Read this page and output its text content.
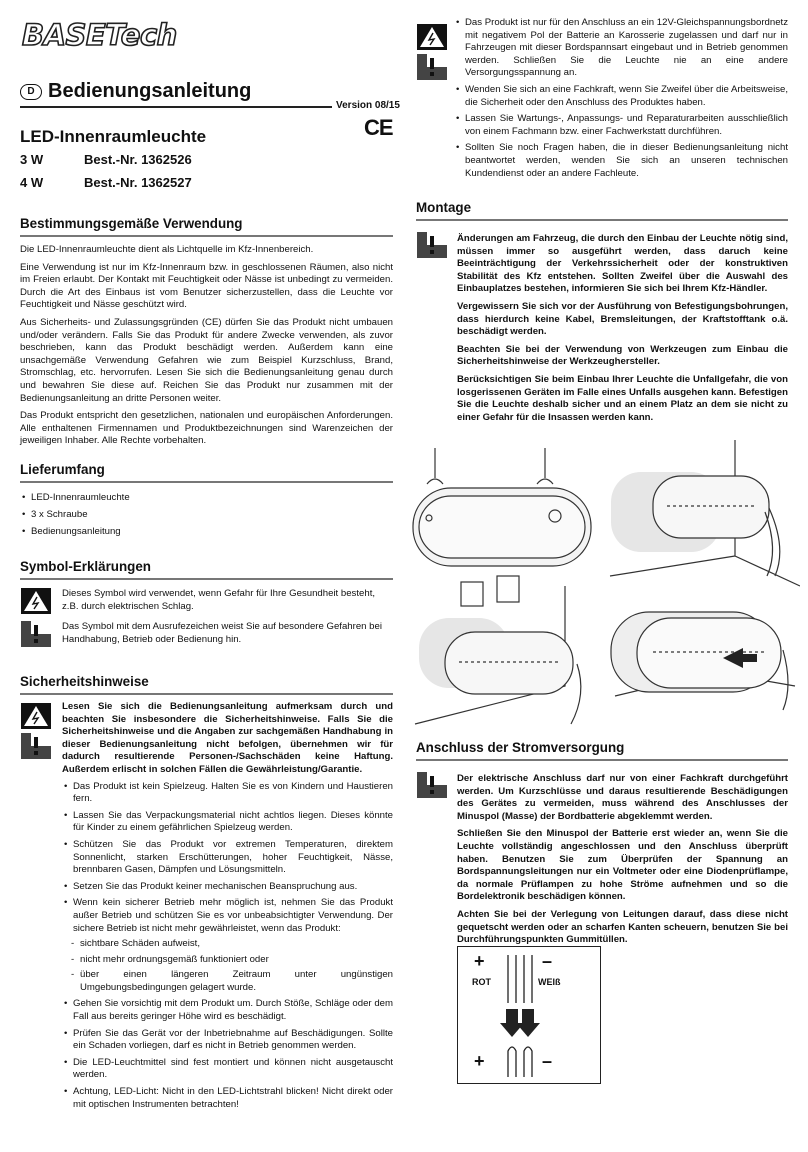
BASETech
D Bedienungsanleitung
Version 08/15
CE
LED-Innenraumleuchte
3 W	Best.-Nr. 1362526
4 W	Best.-Nr. 1362527
Bestimmungsgemäße Verwendung

Die LED-Innenraumleuchte dient als Lichtquelle im Kfz-Innenbereich.

Eine Verwendung ist nur im Kfz-Innenraum bzw. in geschlossenen Räumen, also nicht im Freien erlaubt. Der Kontakt mit Feuchtigkeit oder Nässe ist unbedingt zu vermeiden. Durch die Art des Einbaus ist vom Benutzer sicherzustellen, dass die Leuchte vor Feuchtigkeit und Nässe geschützt wird.

Aus Sicherheits- und Zulassungsgründen (CE) dürfen Sie das Produkt nicht umbauen und/oder verändern. Falls Sie das Produkt für andere Zwecke verwenden, als zuvor beschrieben, kann das Produkt beschädigt werden. Außerdem kann eine unsachgemäße Verwendung Gefahren wie zum Beispiel Kurzschluss, Brand, Stromschlag, etc. hervorrufen. Lesen Sie sich die Bedienungsanleitung genau durch und bewahren Sie diese auf. Reichen Sie das Produkt nur zusammen mit der Bedienungsanleitung an dritte Personen weiter.

Das Produkt entspricht den gesetzlichen, nationalen und europäischen Anforderungen. Alle enthaltenen Firmennamen und Produktbezeichnungen sind Warenzeichen der jeweiligen Inhaber. Alle Rechte vorbehalten.

Lieferumfang
• LED-Innenraumleuchte
• 3 x Schraube
• Bedienungsanleitung
Symbol-Erklärungen
Dieses Symbol wird verwendet, wenn Gefahr für Ihre Gesundheit besteht, z.B. durch elektrischen Schlag.
Das Symbol mit dem Ausrufezeichen weist Sie auf besondere Gefahren bei Handhabung, Betrieb oder Bedienung hin.
Sicherheitshinweise

Lesen Sie sich die Bedienungsanleitung aufmerksam durch und beachten Sie insbesondere die Sicherheitshinweise. Falls Sie die Sicherheitshinweise und die Angaben zur sachgemäßen Handhabung in dieser Bedienungsanleitung nicht befolgen, übernehmen wir für dadurch resultierende Personen-/Sachschäden keine Haftung. Außerdem erlischt in solchen Fällen die Gewährleistung/Garantie.

• Das Produkt ist kein Spielzeug. Halten Sie es von Kindern und Haustieren fern.
• Lassen Sie das Verpackungsmaterial nicht achtlos liegen. Dieses könnte für Kinder zu einem gefährlichen Spielzeug werden.
• Schützen Sie das Produkt vor extremen Temperaturen, direktem Sonnenlicht, starken Erschütterungen, hoher Feuchtigkeit, Nässe, brennbaren Gasen, Dämpfen und Lösungsmitteln.
• Setzen Sie das Produkt keiner mechanischen Beanspruchung aus.
• Wenn kein sicherer Betrieb mehr möglich ist, nehmen Sie das Produkt außer Betrieb und schützen Sie es vor unbeabsichtigter Verwendung. Der sichere Betrieb ist nicht mehr gewährleistet, wenn das Produkt:
- sichtbare Schäden aufweist,
- nicht mehr ordnungsgemäß funktioniert oder
- über einen längeren Zeitraum unter ungünstigen Umgebungsbedingungen gelagert wurde.
• Gehen Sie vorsichtig mit dem Produkt um. Durch Stöße, Schläge oder dem Fall aus bereits geringer Höhe wird es beschädigt.
• Prüfen Sie das Gerät vor der Inbetriebnahme auf Beschädigungen. Sollte ein Schaden vorliegen, darf es nicht in Betrieb genommen werden.
• Die LED-Leuchtmittel sind fest montiert und können nicht ausgetauscht werden.
• Achtung, LED-Licht: Nicht in den LED-Lichtstrahl blicken! Nicht direkt oder mit optischen Instrumenten betrachten!
• Das Produkt ist nur für den Anschluss an ein 12V-Gleichspannungsbordnetz mit negativem Pol der Batterie an Karosserie zugelassen und darf nur in Fahrzeugen mit dieser Bordspannsart eingebaut und in Betrieb genommen werden. Schließen Sie die Leuchte nie an eine andere Versorgungsspannung an.
• Wenden Sie sich an eine Fachkraft, wenn Sie Zweifel über die Arbeitsweise, die Sicherheit oder den Anschluss des Produktes haben.
• Lassen Sie Wartungs-, Anpassungs- und Reparaturarbeiten ausschließlich von einem Fachmann bzw. einer Fachwerkstatt durchführen.
• Sollten Sie noch Fragen haben, die in dieser Bedienungsanleitung nicht beantwortet werden, wenden Sie sich an unseren technischen Kundendienst oder an andere Fachleute.
Montage

Änderungen am Fahrzeug, die durch den Einbau der Leuchte nötig sind, müssen immer so ausgeführt werden, dass daruch keine Beeinträchtigung der Verkehrssicherheit oder der konstruktiven Stabilität des Kfz entstehen. Sollten Zweifel über die Auswahl des Einbauplatzes bestehen, informieren Sie sich bei Ihrem Kfz-Händler.

Vergewissern Sie sich vor der Ausführung von Befestigungsbohrungen, dass hierdurch keine Kabel, Bremsleitungen, der Kraftstofftank o.ä. beschädigt werden.

Beachten Sie bei der Verwendung von Werkzeugen zum Einbau die Sicherheitshinweise der Werkzeughersteller.

Berücksichtigen Sie beim Einbau Ihrer Leuchte die Unfallgefahr, die von losgerissenen Geräten im Falle eines Unfalls ausgehen kann. Befestigen Sie die Leuchte deshalb sicher und an einem Platz an dem sie nicht zu einer Gefahr für die Insassen werden kann.

Anschluss der Stromversorgung

Der elektrische Anschluss darf nur von einer Fachkraft durchgeführt werden. Um Kurzschlüsse und daraus resultierende Beschädigungen des Gerätes zu vermeiden, muss während des Anschlusses der Minuspol (Masse) der Bordbatterie abgeklemmt werden.

Schließen Sie den Minuspol der Batterie erst wieder an, wenn Sie die Leuchte vollständig angeschlossen und den Anschluss überprüft haben. Benutzen Sie zum Überprüfen der Spannung an Bordspannungsleitungen nur ein Voltmeter oder eine Diodenprüflampe, da normale Prüflampen zu hohe Ströme aufnehmen und so die Bordelektronik beschädigen können.

Achten Sie bei der Verlegung von Leitungen darauf, dass diese nicht gequetscht werden oder an scharfen Kanten scheuern, benutzen Sie bei Durchführungspunkten Gummitüllen.

+	–
ROT	WEIß
+	–
